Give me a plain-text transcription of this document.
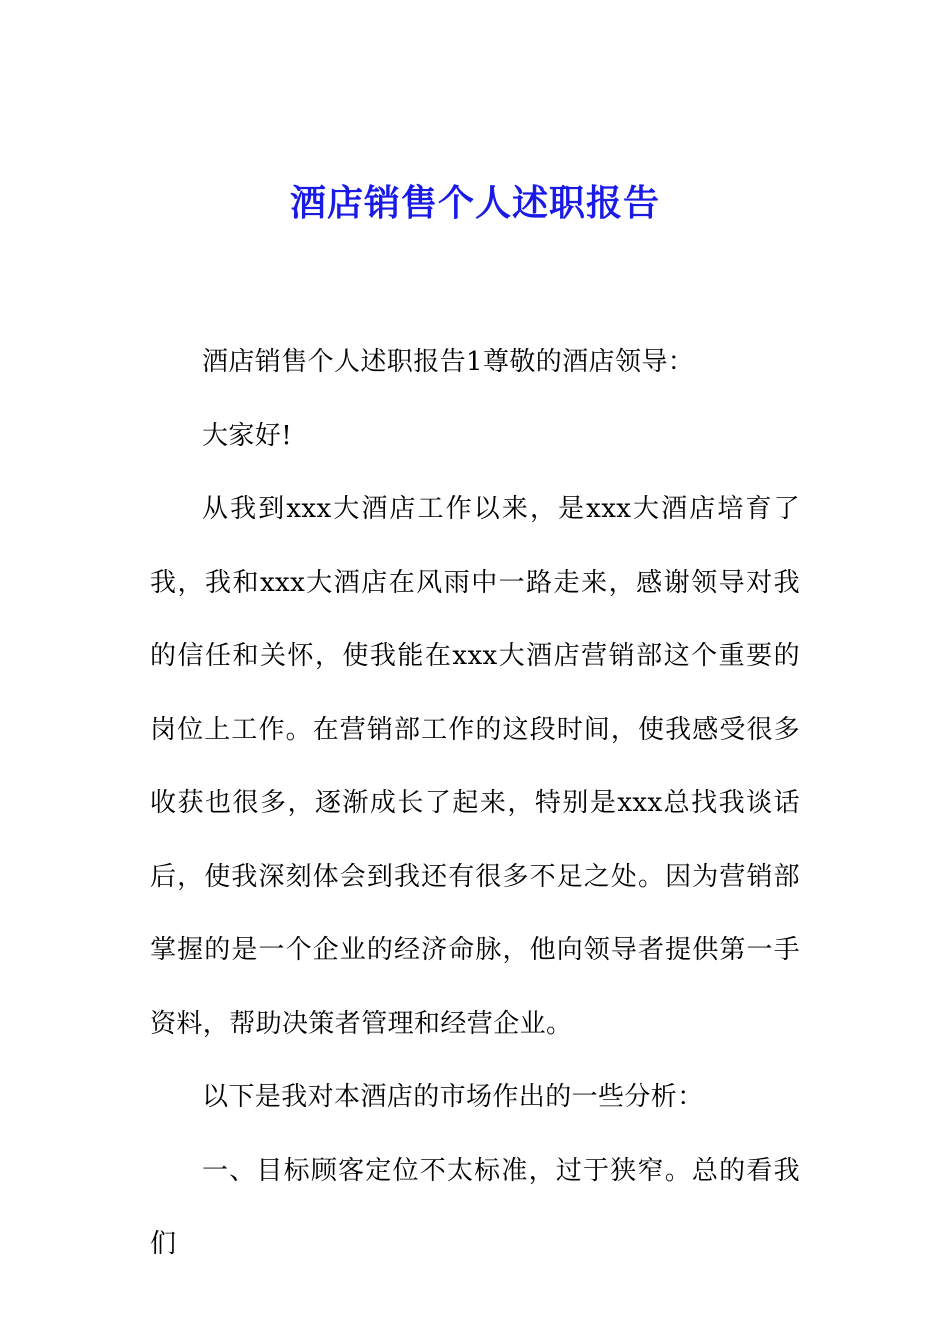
酒店销售个人述职报告

酒店销售个人述职报告1尊敬的酒店领导：

大家好!

从我到xxx大酒店工作以来，是xxx大酒店培育了我，我和xxx大酒店在风雨中一路走来，感谢领导对我的信任和关怀，使我能在xxx大酒店营销部这个重要的岗位上工作。在营销部工作的这段时间，使我感受很多收获也很多，逐渐成长了起来，特别是xxx总找我谈话后，使我深刻体会到我还有很多不足之处。因为营销部掌握的是一个企业的经济命脉，他向领导者提供第一手资料，帮助决策者管理和经营企业。

以下是我对本酒店的市场作出的一些分析：

一、目标顾客定位不太标准，过于狭窄。总的看我们
